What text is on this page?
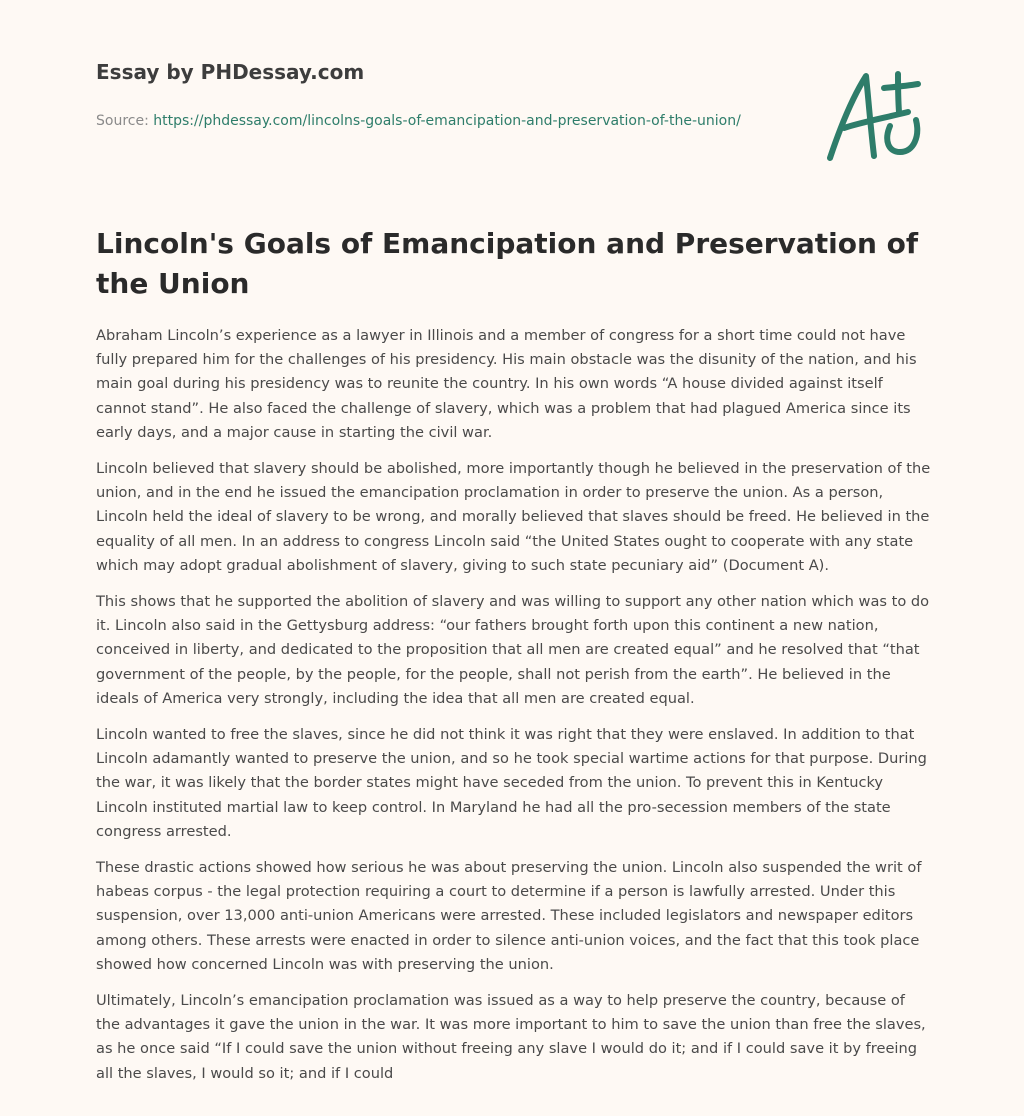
Essay by PHDessay.com
Source: https://phdessay.com/lincolns-goals-of-emancipation-and-preservation-of-the-union/
Lincoln's Goals of Emancipation and Preservation of the Union

Abraham Lincoln’s experience as a lawyer in Illinois and a member of congress for a short time could not have fully prepared him for the challenges of his presidency. His main obstacle was the disunity of the nation, and his main goal during his presidency was to reunite the country. In his own words “A house divided against itself cannot stand”. He also faced the challenge of slavery, which was a problem that had plagued America since its early days, and a major cause in starting the civil war.

Lincoln believed that slavery should be abolished, more importantly though he believed in the preservation of the union, and in the end he issued the emancipation proclamation in order to preserve the union. As a person, Lincoln held the ideal of slavery to be wrong, and morally believed that slaves should be freed. He believed in the equality of all men. In an address to congress Lincoln said “the United States ought to cooperate with any state which may adopt gradual abolishment of slavery, giving to such state pecuniary aid” (Document A).

This shows that he supported the abolition of slavery and was willing to support any other nation which was to do it. Lincoln also said in the Gettysburg address: “our fathers brought forth upon this continent a new nation, conceived in liberty, and dedicated to the proposition that all men are created equal” and he resolved that “that government of the people, by the people, for the people, shall not perish from the earth”. He believed in the ideals of America very strongly, including the idea that all men are created equal.

Lincoln wanted to free the slaves, since he did not think it was right that they were enslaved. In addition to that Lincoln adamantly wanted to preserve the union, and so he took special wartime actions for that purpose. During the war, it was likely that the border states might have seceded from the union. To prevent this in Kentucky Lincoln instituted martial law to keep control. In Maryland he had all the pro-secession members of the state congress arrested.

These drastic actions showed how serious he was about preserving the union. Lincoln also suspended the writ of habeas corpus - the legal protection requiring a court to determine if a person is lawfully arrested. Under this suspension, over 13,000 anti-union Americans were arrested. These included legislators and newspaper editors among others. These arrests were enacted in order to silence anti-union voices, and the fact that this took place showed how concerned Lincoln was with preserving the union.

Ultimately, Lincoln’s emancipation proclamation was issued as a way to help preserve the country, because of the advantages it gave the union in the war. It was more important to him to save the union than free the slaves, as he once said “If I could save the union without freeing any slave I would do it; and if I could save it by freeing all the slaves, I would so it; and if I could
